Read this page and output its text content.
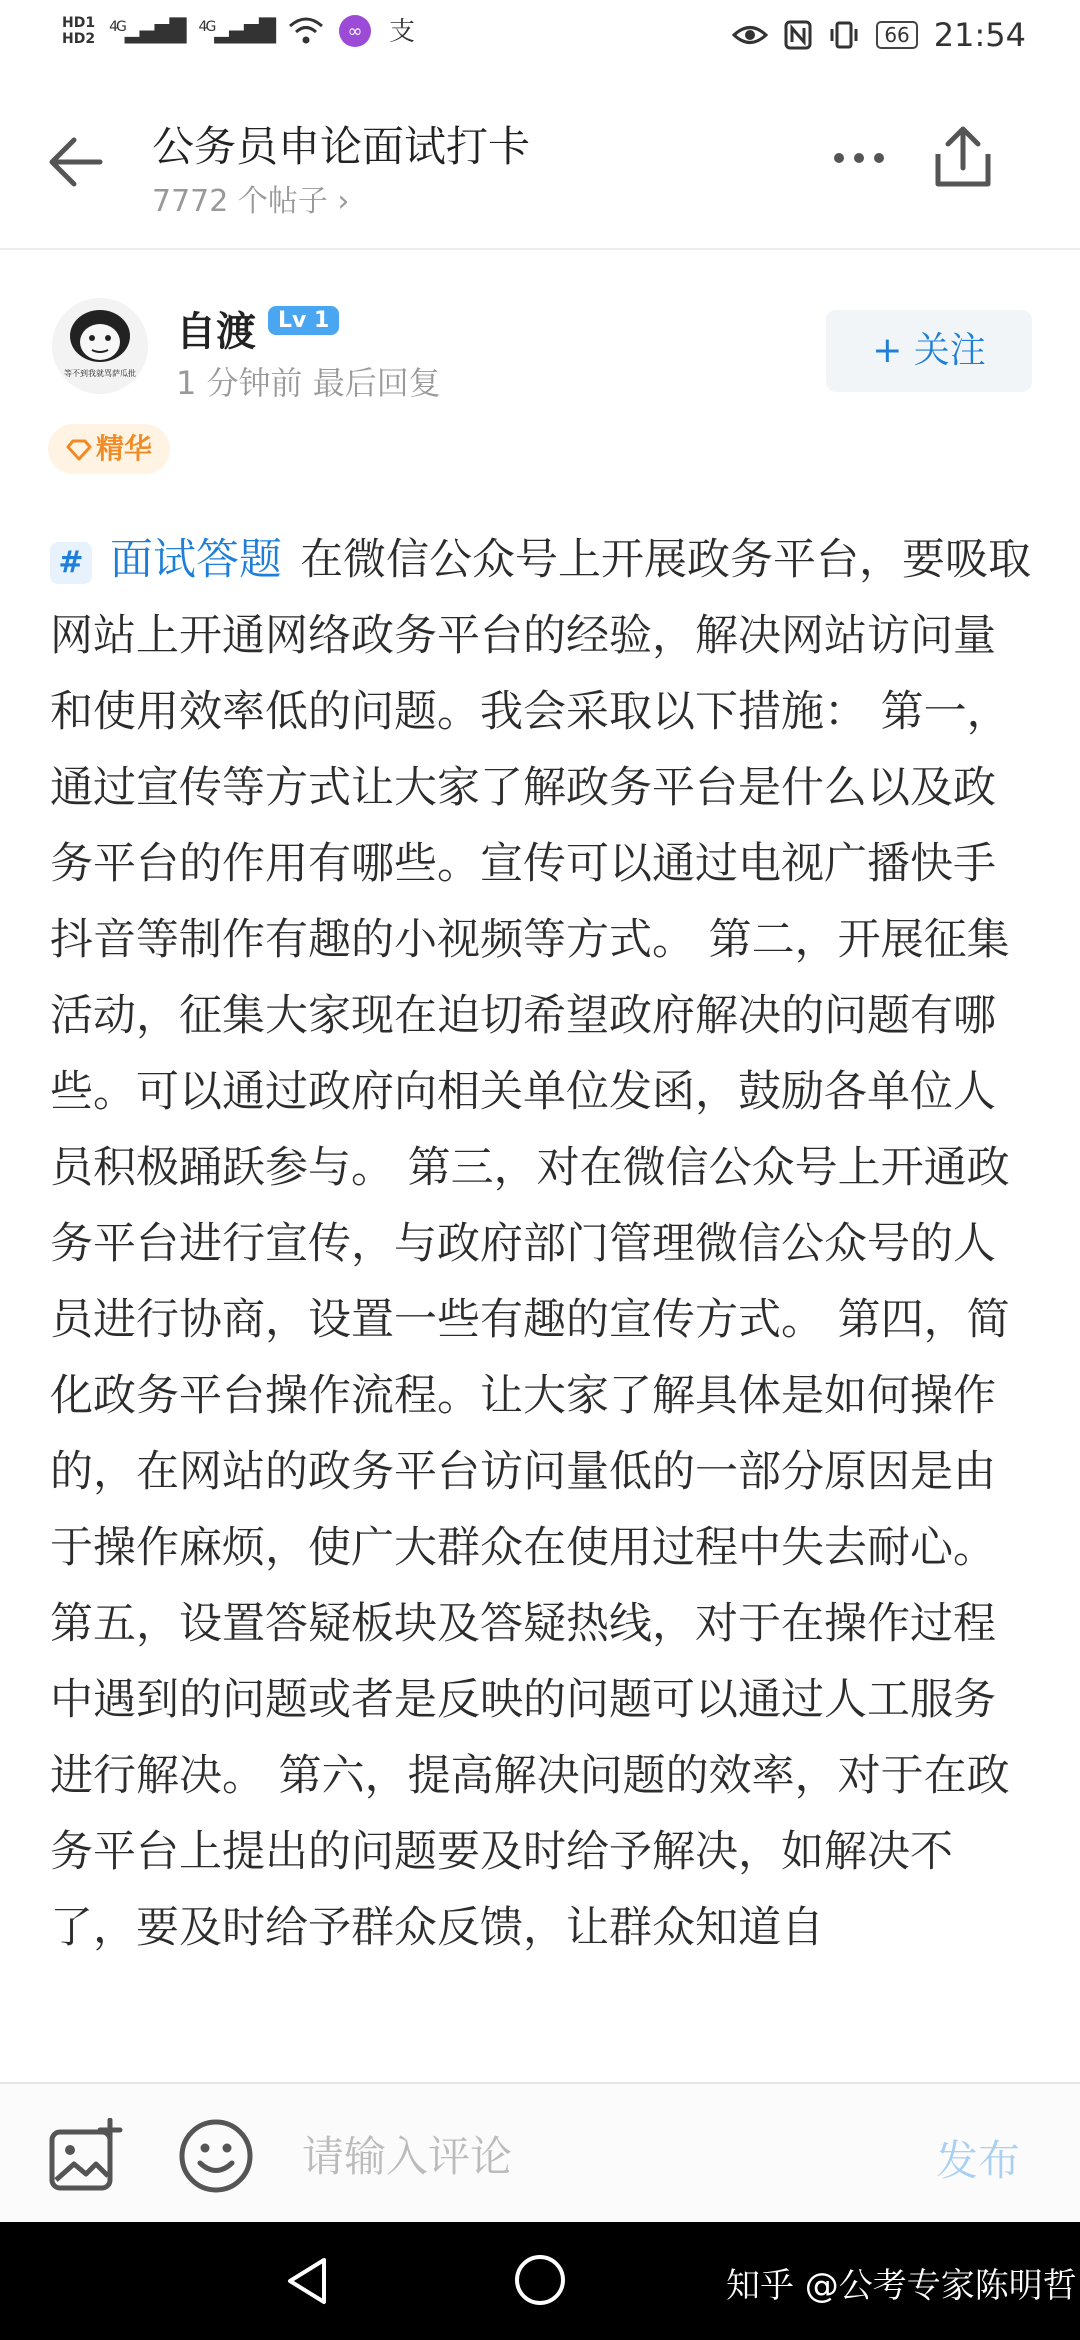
HD1
HD2
$^{4G}$▂▄▆█ $^{4G}$▂▄▆█	∞ 支	66 21:54
公务员申论面试打卡
7772 个帖子 ›
等不到我就骂萨瓜批
自渡	Lv 1
1 分钟前 最后回复
+ 关注
精华
# 面试答题 在微信公众号上开展政务平台，要吸取网站上开通网络政务平台的经验，解决网站访问量和使用效率低的问题。我会采取以下措施： 第一，通过宣传等方式让大家了解政务平台是什么以及政务平台的作用有哪些。宣传可以通过电视广播快手抖音等制作有趣的小视频等方式。 第二，开展征集活动，征集大家现在迫切希望政府解决的问题有哪些。可以通过政府向相关单位发函，鼓励各单位人员积极踊跃参与。 第三，对在微信公众号上开通政务平台进行宣传，与政府部门管理微信公众号的人员进行协商，设置一些有趣的宣传方式。 第四，简化政务平台操作流程。让大家了解具体是如何操作的，在网站的政务平台访问量低的一部分原因是由于操作麻烦，使广大群众在使用过程中失去耐心。 第五，设置答疑板块及答疑热线，对于在操作过程中遇到的问题或者是反映的问题可以通过人工服务进行解决。 第六，提高解决问题的效率，对于在政务平台上提出的问题要及时给予解决，如解决不了，要及时给予群众反馈，让群众知道自
请输入评论
发布
知乎 @公考专家陈明哲
